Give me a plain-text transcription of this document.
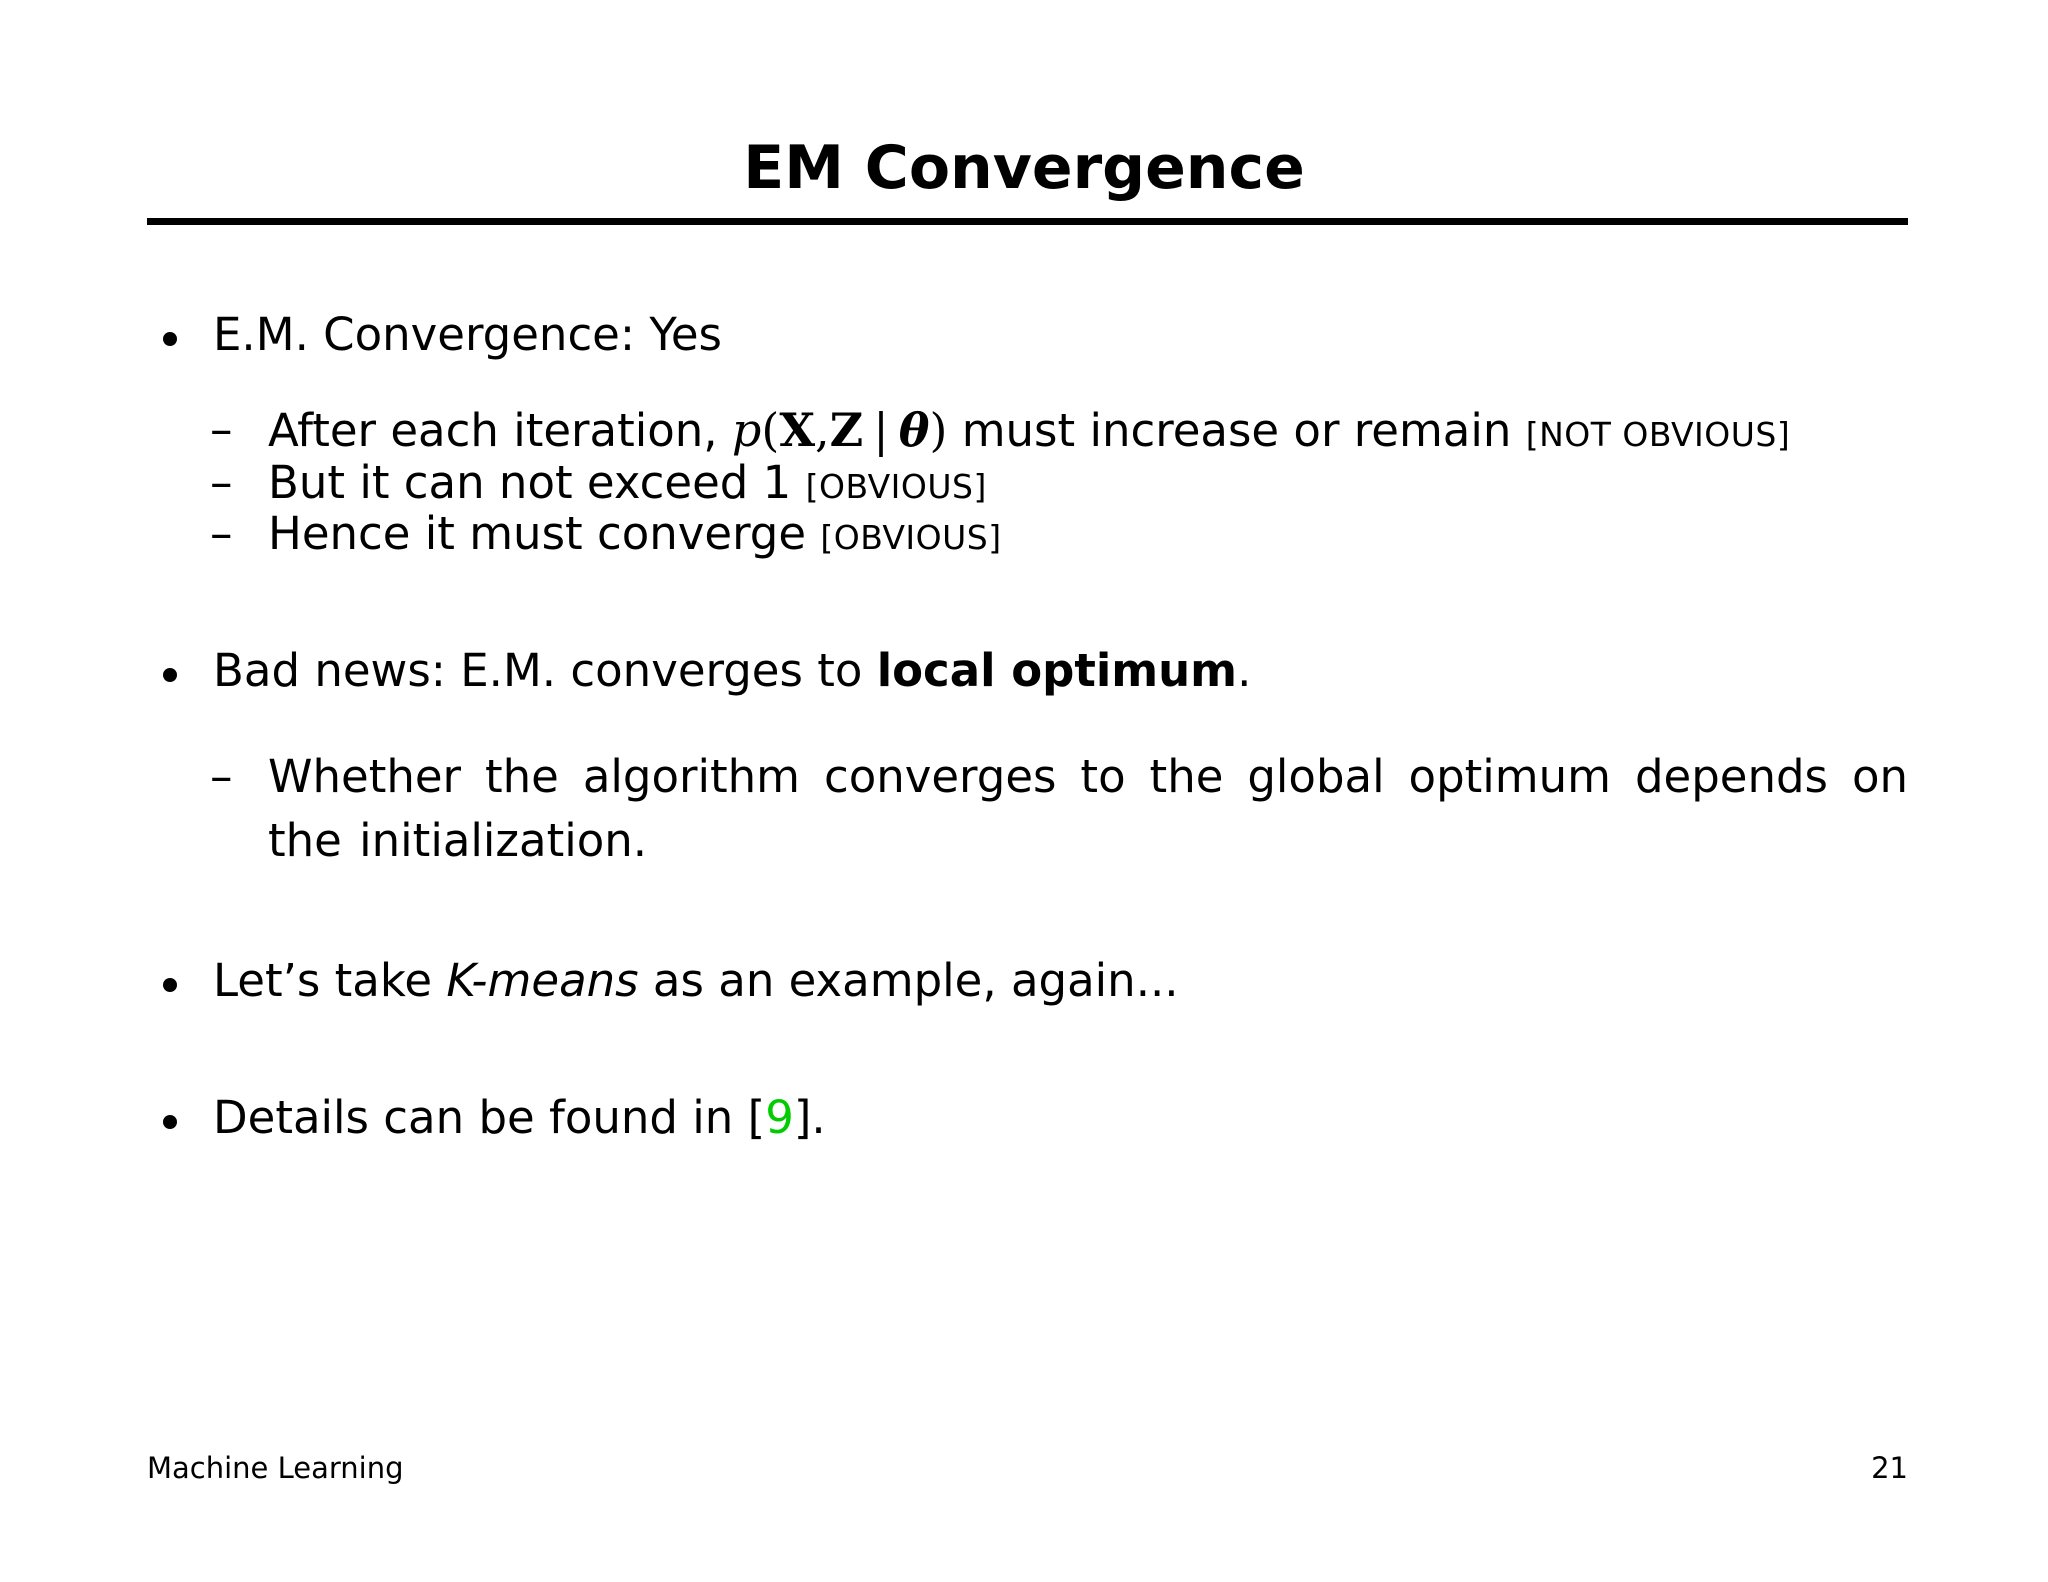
EM Convergence
E.M. Convergence: Yes
– After each iteration, p(X,Z | θ) must increase or remain [NOT OBVIOUS]
– But it can not exceed 1 [OBVIOUS]
– Hence it must converge [OBVIOUS]
Bad news: E.M. converges to local optimum.
– Whether the algorithm converges to the global optimum depends on the initialization.
Let’s take K-means as an example, again...
Details can be found in [9].
Machine Learning	21
